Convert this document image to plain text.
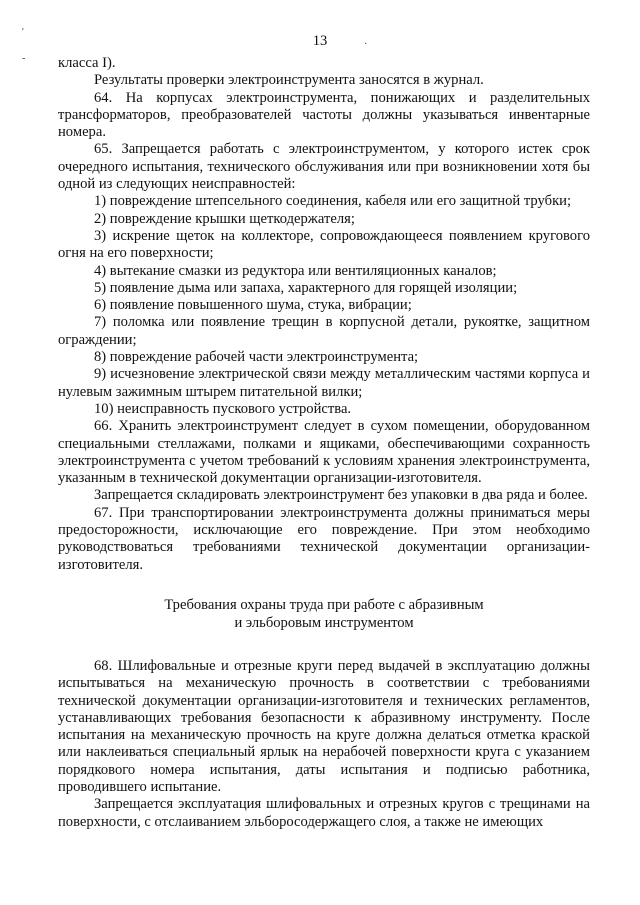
'
-
·
13

класса I).

Результаты проверки электроинструмента заносятся в журнал.

64. На корпусах электроинструмента, понижающих и разделительных трансформаторов, преобразователей частоты должны указываться инвентарные номера.

65. Запрещается работать с электроинструментом, у которого истек срок очередного испытания, технического обслуживания или при возникновении хотя бы одной из следующих неисправностей:

1) повреждение штепсельного соединения, кабеля или его защитной трубки;

2) повреждение крышки щеткодержателя;

3) искрение щеток на коллекторе, сопровождающееся появлением кругового огня на его поверхности;

4) вытекание смазки из редуктора или вентиляционных каналов;

5) появление дыма или запаха, характерного для горящей изоляции;

6) появление повышенного шума, стука, вибрации;

7) поломка или появление трещин в корпусной детали, рукоятке, защитном ограждении;

8) повреждение рабочей части электроинструмента;

9) исчезновение электрической связи между металлическим частями корпуса и нулевым зажимным штырем питательной вилки;

10) неисправность пускового устройства.

66. Хранить электроинструмент следует в сухом помещении, оборудованном специальными стеллажами, полками и ящиками, обеспечивающими сохранность электроинструмента с учетом требований к условиям хранения электроинструмента, указанным в технической документации организации-изготовителя.

Запрещается складировать электроинструмент без упаковки в два ряда и более.

67. При транспортировании электроинструмента должны приниматься меры предосторожности, исключающие его повреждение. При этом необходимо руководствоваться требованиями технической документации организации-изготовителя.

Требования охраны труда при работе с абразивным
и эльборовым инструментом

68. Шлифовальные и отрезные круги перед выдачей в эксплуатацию должны испытываться на механическую прочность в соответствии с требованиями технической документации организации-изготовителя и технических регламентов, устанавливающих требования безопасности к абразивному инструменту. После испытания на механическую прочность на круге должна делаться отметка краской или наклеиваться специальный ярлык на нерабочей поверхности круга с указанием порядкового номера испытания, даты испытания и подписью работника, проводившего испытание.

Запрещается эксплуатация шлифовальных и отрезных кругов с трещинами на поверхности, с отслаиванием эльборосодержащего слоя, а также не имеющих
